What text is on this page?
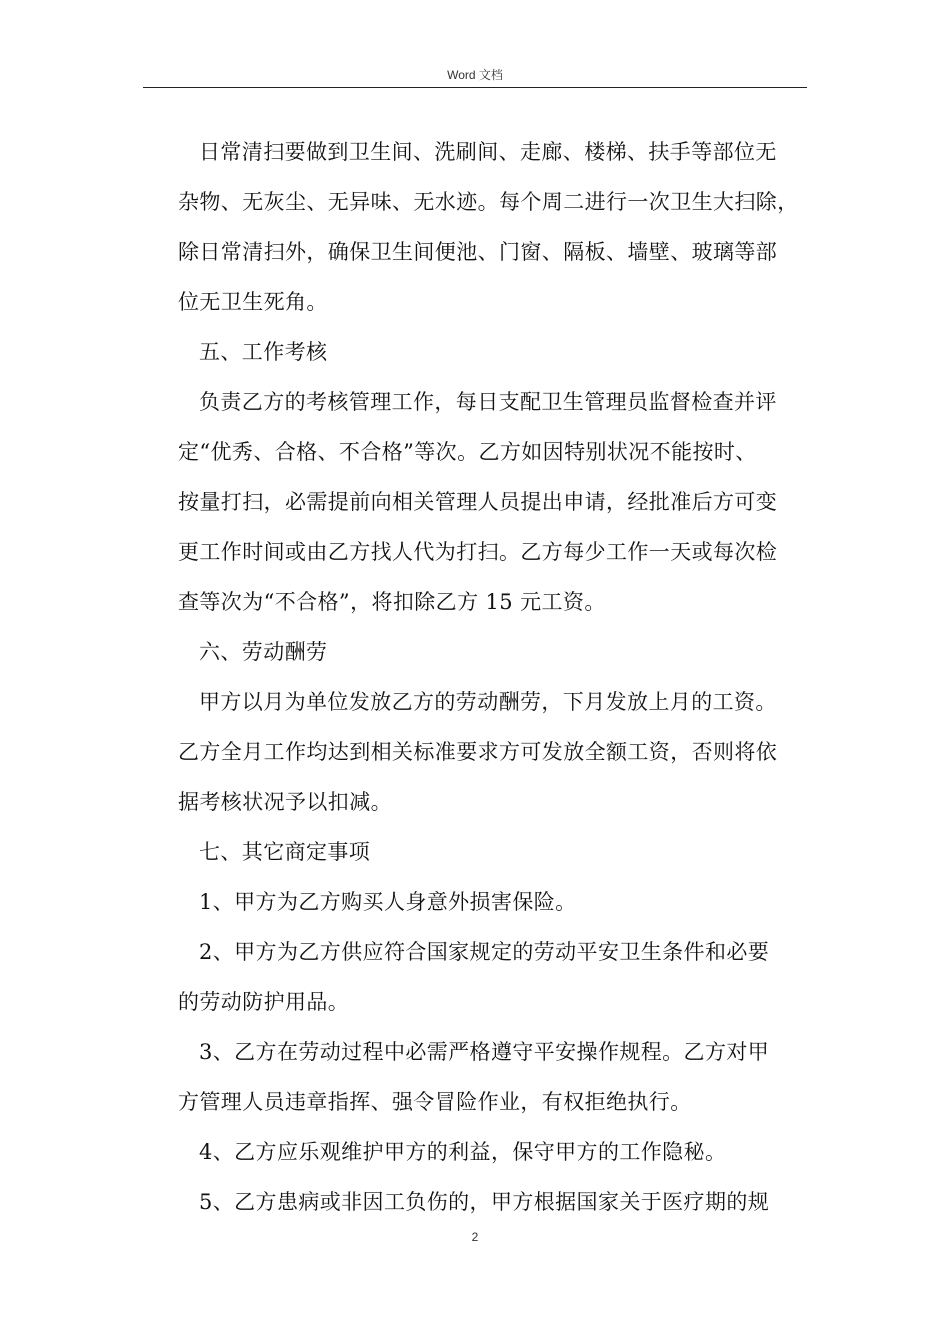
Word 文档
日常清扫要做到卫生间、洗刷间、走廊、楼梯、扶手等部位无
杂物、无灰尘、无异味、无水迹。每个周二进行一次卫生大扫除，
除日常清扫外，确保卫生间便池、门窗、隔板、墙壁、玻璃等部
位无卫生死角。
五、工作考核
负责乙方的考核管理工作，每日支配卫生管理员监督检查并评
定“优秀、合格、不合格”等次。乙方如因特别状况不能按时、
按量打扫，必需提前向相关管理人员提出申请，经批准后方可变
更工作时间或由乙方找人代为打扫。乙方每少工作一天或每次检
查等次为“不合格”，将扣除乙方 15 元工资。
六、劳动酬劳
甲方以月为单位发放乙方的劳动酬劳，下月发放上月的工资。
乙方全月工作均达到相关标准要求方可发放全额工资，否则将依
据考核状况予以扣减。
七、其它商定事项
1、甲方为乙方购买人身意外损害保险。
2、甲方为乙方供应符合国家规定的劳动平安卫生条件和必要
的劳动防护用品。
3、乙方在劳动过程中必需严格遵守平安操作规程。乙方对甲
方管理人员违章指挥、强令冒险作业，有权拒绝执行。
4、乙方应乐观维护甲方的利益，保守甲方的工作隐秘。
5、乙方患病或非因工负伤的，甲方根据国家关于医疗期的规
2
